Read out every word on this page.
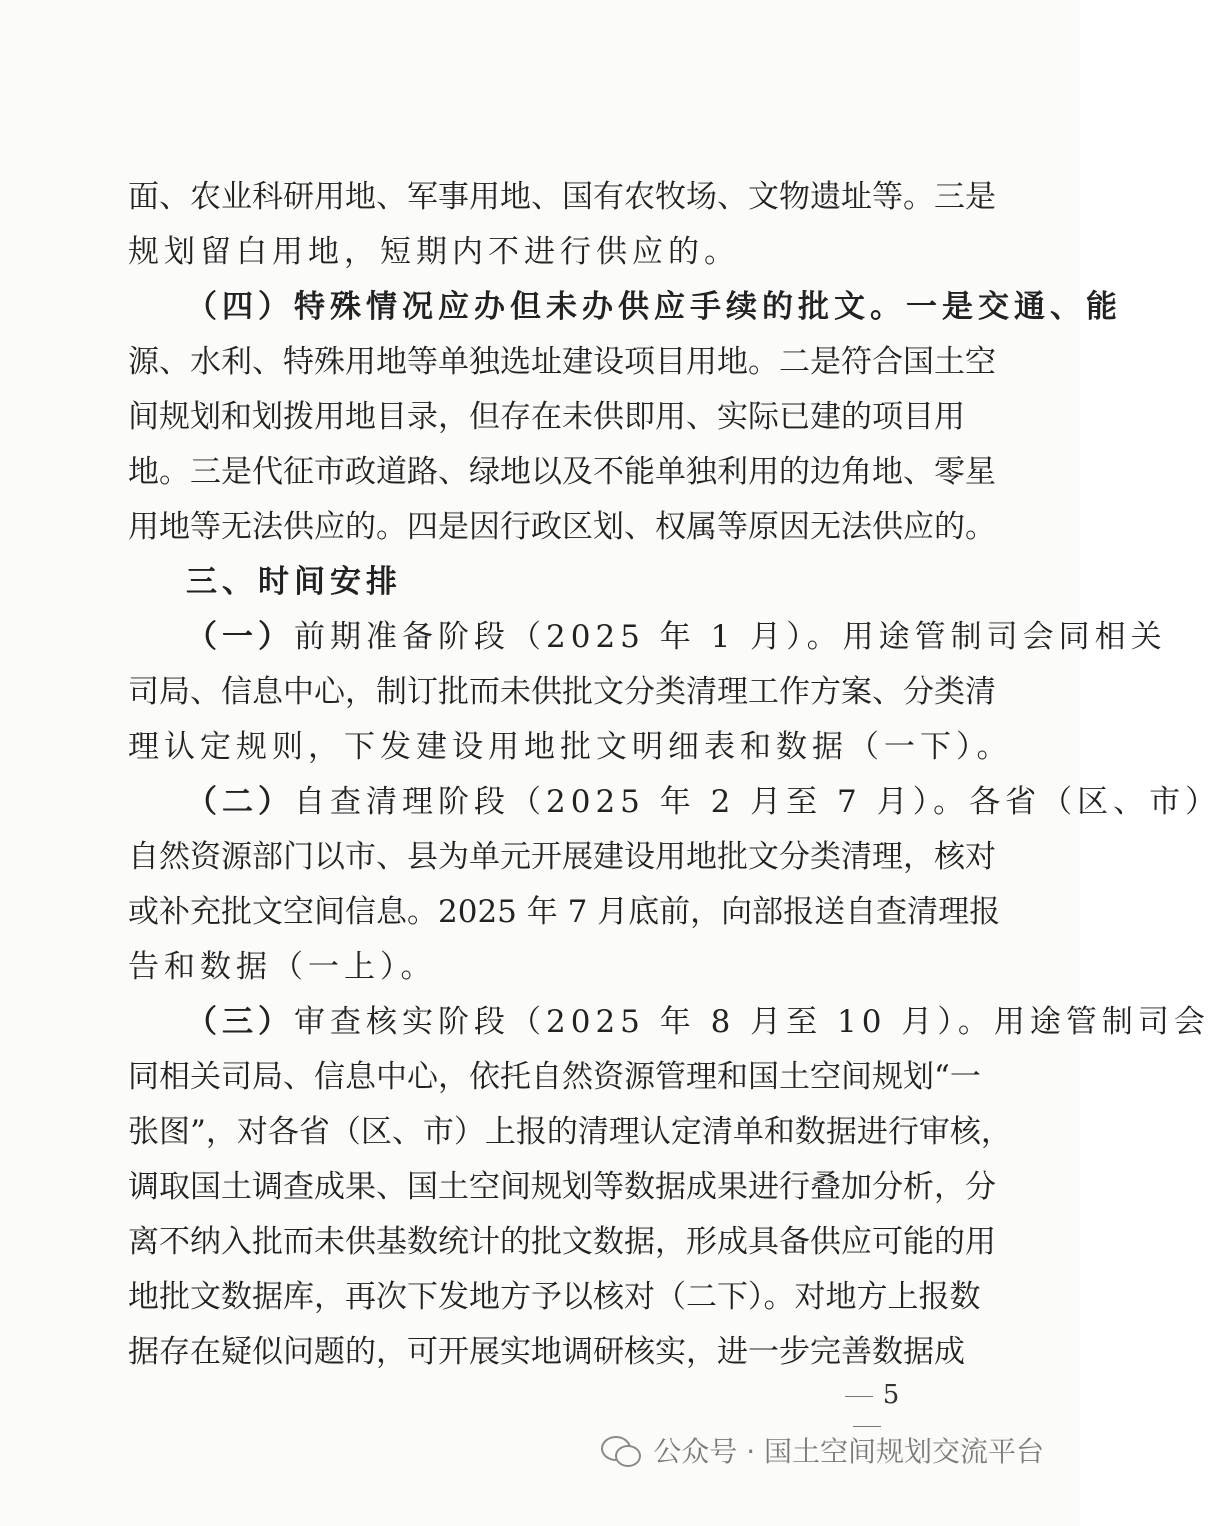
面、农业科研用地、军事用地、国有农牧场、文物遗址等。三是
规划留白用地，短期内不进行供应的。
（四）特殊情况应办但未办供应手续的批文。一是交通、能
源、水利、特殊用地等单独选址建设项目用地。二是符合国土空
间规划和划拨用地目录，但存在未供即用、实际已建的项目用
地。三是代征市政道路、绿地以及不能单独利用的边角地、零星
用地等无法供应的。四是因行政区划、权属等原因无法供应的。
三、时间安排
（一）前期准备阶段（2025 年 1 月）。用途管制司会同相关
司局、信息中心，制订批而未供批文分类清理工作方案、分类清
理认定规则，下发建设用地批文明细表和数据（一下）。
（二）自查清理阶段（2025 年 2 月至 7 月）。各省（区、市）
自然资源部门以市、县为单元开展建设用地批文分类清理，核对
或补充批文空间信息。2025 年 7 月底前，向部报送自查清理报
告和数据（一上）。
（三）审查核实阶段（2025 年 8 月至 10 月）。用途管制司会
同相关司局、信息中心，依托自然资源管理和国土空间规划“一
张图”，对各省（区、市）上报的清理认定清单和数据进行审核，
调取国土调查成果、国土空间规划等数据成果进行叠加分析，分
离不纳入批而未供基数统计的批文数据，形成具备供应可能的用
地批文数据库，再次下发地方予以核对（二下）。对地方上报数
据存在疑似问题的，可开展实地调研核实，进一步完善数据成
5
公众号 · 国土空间规划交流平台
